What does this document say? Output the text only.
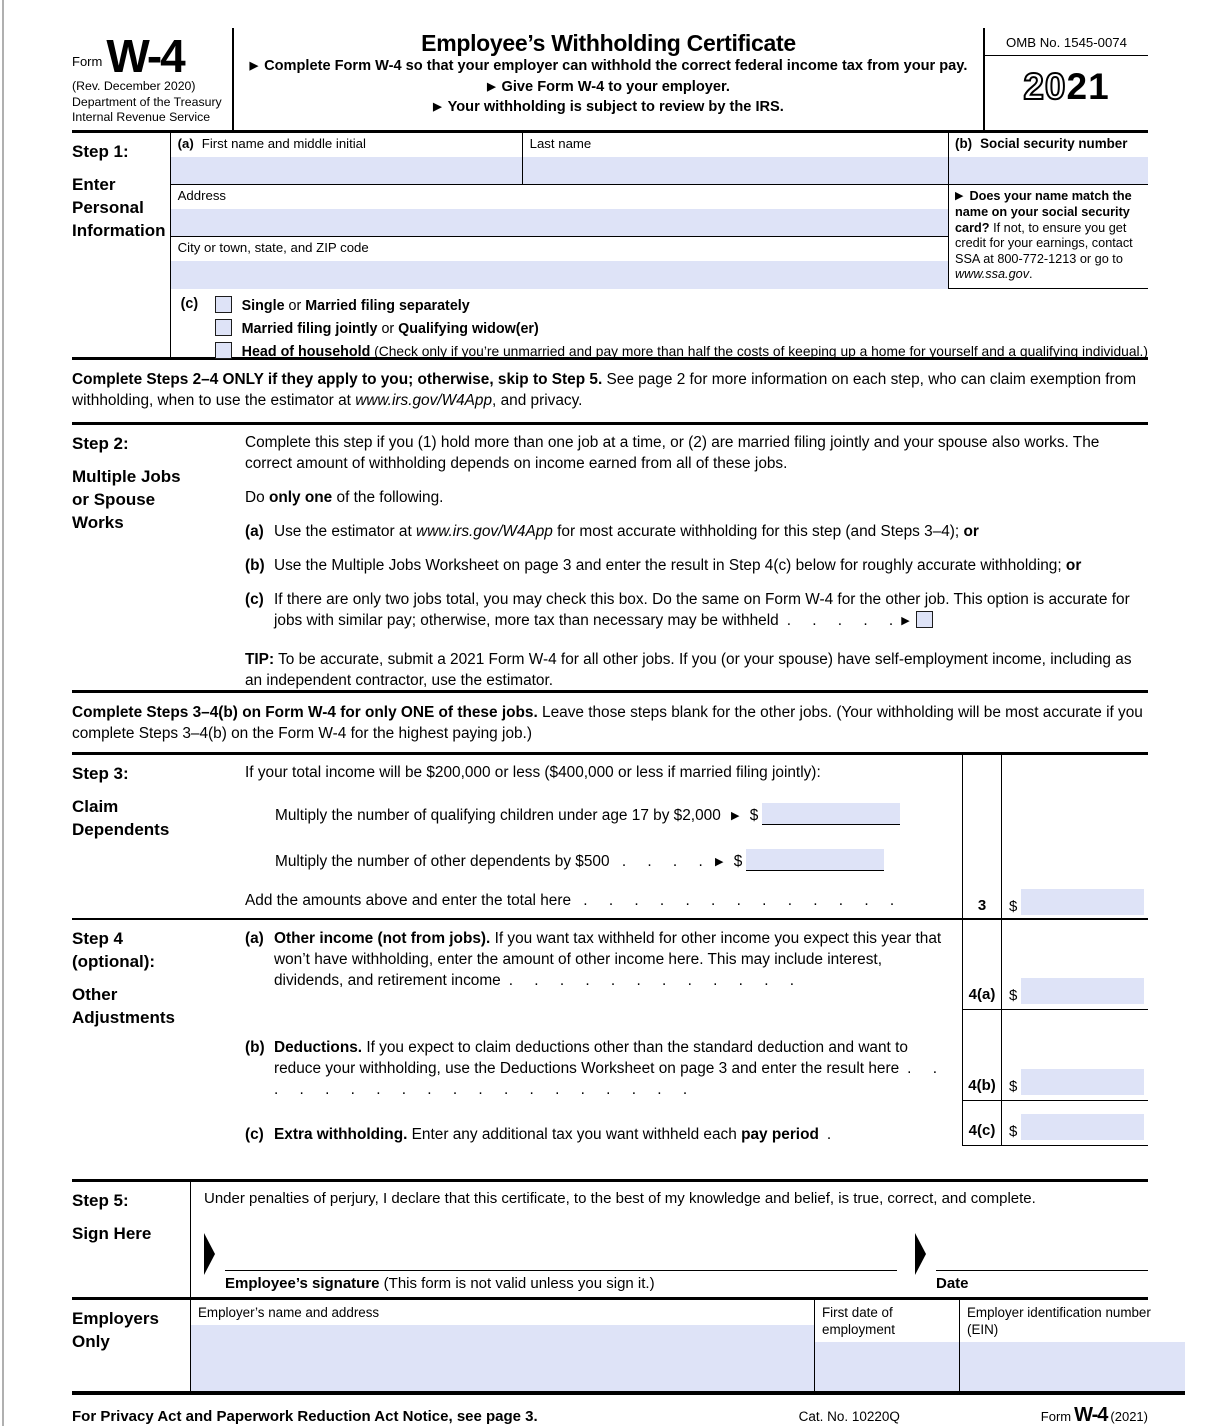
$^{Form}$W-4
(Rev. December 2020)
Department of the Treasury
Internal Revenue Service
Employee’s Withholding Certificate
▶ Complete Form W-4 so that your employer can withhold the correct federal income tax from your pay.
▶ Give Form W-4 to your employer.
▶ Your withholding is subject to review by the IRS.
OMB No. 1545-0074
2021
Step 1:
Enter Personal Information
(a) First name and middle initial	Last name
Address
City or town, state, and ZIP code
(b) Social security number
▶ Does your name match the name on your social security card? If not, to ensure you get credit for your earnings, contact SSA at 800-772-1213 or go to www.ssa.gov.
(c)	Single or Married filing separately
Married filing jointly or Qualifying widow(er)
Head of household (Check only if you’re unmarried and pay more than half the costs of keeping up a home for yourself and a qualifying individual.)
Complete Steps 2–4 ONLY if they apply to you; otherwise, skip to Step 5. See page 2 for more information on each step, who can claim exemption from withholding, when to use the estimator at www.irs.gov/W4App, and privacy.
Step 2:
Multiple Jobs or Spouse Works
Complete this step if you (1) hold more than one job at a time, or (2) are married filing jointly and your spouse also works. The correct amount of withholding depends on income earned from all of these jobs.
Do only one of the following.
(a) Use the estimator at www.irs.gov/W4App for most accurate withholding for this step (and Steps 3–4); or
(b) Use the Multiple Jobs Worksheet on page 3 and enter the result in Step 4(c) below for roughly accurate withholding; or
(c) If there are only two jobs total, you may check this box. Do the same on Form W-4 for the other job. This option is accurate for jobs with similar pay; otherwise, more tax than necessary may be withheld . . . . . ▶
TIP: To be accurate, submit a 2021 Form W-4 for all other jobs. If you (or your spouse) have self-employment income, including as an independent contractor, use the estimator.
Complete Steps 3–4(b) on Form W-4 for only ONE of these jobs. Leave those steps blank for the other jobs. (Your withholding will be most accurate if you complete Steps 3–4(b) on the Form W-4 for the highest paying job.)
Step 3:
Claim Dependents
If your total income will be $200,000 or less ($400,000 or less if married filing jointly):
Multiply the number of qualifying children under age 17 by $2,000 ▶ $
Multiply the number of other dependents by $500 . . . . ▶ $
Add the amounts above and enter the total here . . . . . . . . . . . . .	3	$
Step 4 (optional):
Other Adjustments
(a) Other income (not from jobs). If you want tax withheld for other income you expect this year that won’t have withholding, enter the amount of other income here. This may include interest, dividends, and retirement income . . . . . . . . . . . .
4(a) $
(b) Deductions. If you expect to claim deductions other than the standard deduction and want to reduce your withholding, use the Deductions Worksheet on page 3 and enter the result here . . . . . . . . . . . . . . . . . . .	4(b) $
(c) Extra withholding. Enter any additional tax you want withheld each pay period .	4(c) $
Step 5:
Sign Here
Under penalties of perjury, I declare that this certificate, to the best of my knowledge and belief, is true, correct, and complete.
Employee’s signature (This form is not valid unless you sign it.)	Date
Employers Only
Employer’s name and address	First date of employment
Employer identification number (EIN)
For Privacy Act and Paperwork Reduction Act Notice, see page 3.	Cat. No. 10220Q	Form W-4 (2021)
